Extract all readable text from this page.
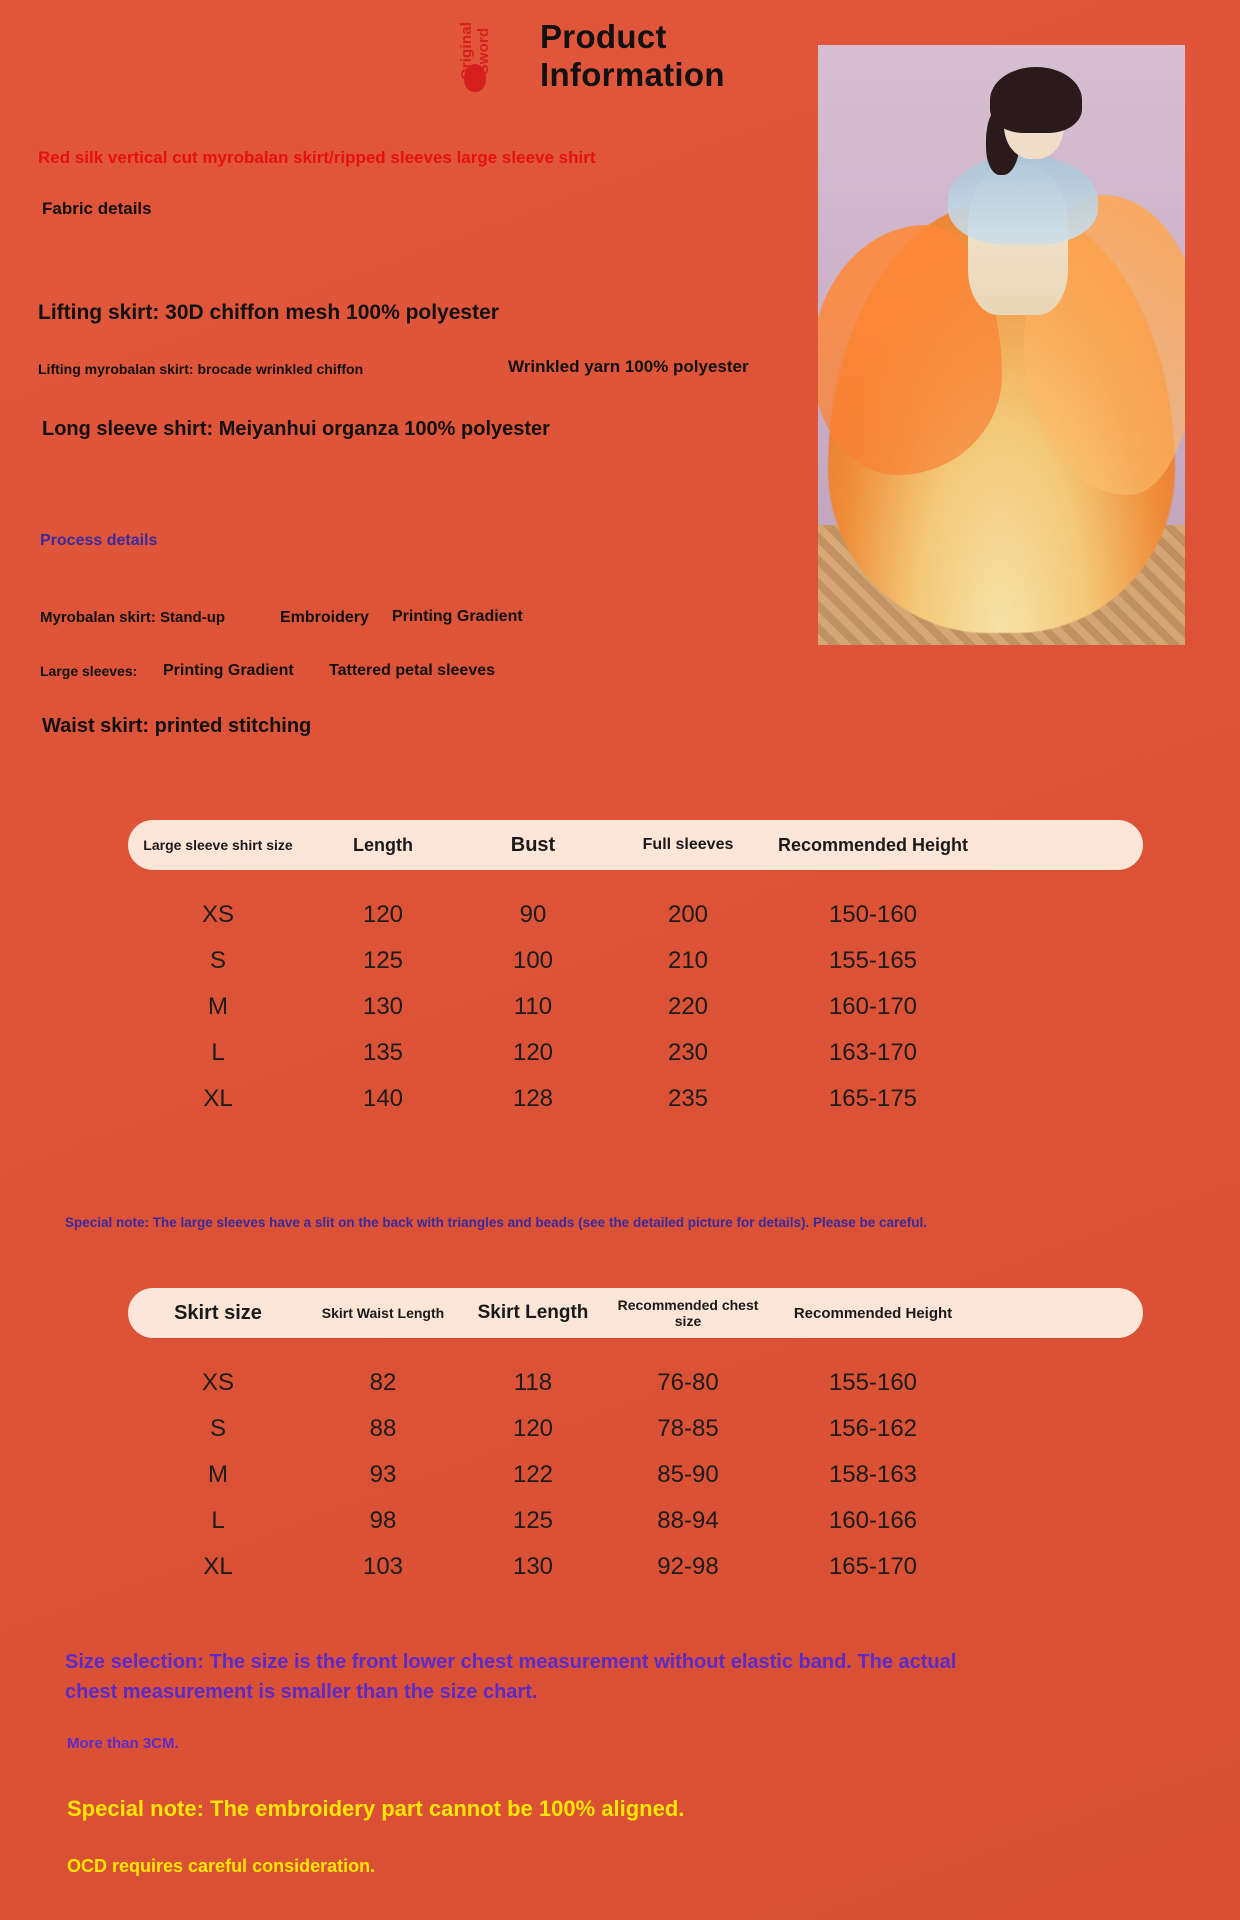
Original
Sword Product
Information
Red silk vertical cut myrobalan skirt/ripped sleeves large sleeve shirt
Fabric details
Lifting skirt: 30D chiffon mesh 100% polyester
Lifting myrobalan skirt: brocade wrinkled chiffon	Wrinkled yarn 100% polyester
Long sleeve shirt: Meiyanhui organza 100% polyester
Process details
Myrobalan skirt: Stand-up	Embroidery Printing Gradient
Large sleeves: Printing Gradient Tattered petal sleeves
Waist skirt: printed stitching
Large sleeve shirt size	Length	Bust	Full sleeves	Recommended Height
XS	120	90	200	150-160
S	125	100	210	155-165
M	130	110	220	160-170
L	135	120	230	163-170
XL	140	128	235	165-175
Special note: The large sleeves have a slit on the back with triangles and beads (see the detailed picture for details). Please be careful.
Skirt size	Skirt Waist Length	Skirt Length	Recommended chest size	Recommended Height
XS	82	118	76-80	155-160
S	88	120	78-85	156-162
M	93	122	85-90	158-163
L	98	125	88-94	160-166
XL	103	130	92-98	165-170
Size selection: The size is the front lower chest measurement without elastic band. The actual
chest measurement is smaller than the size chart.
More than 3CM.
Special note: The embroidery part cannot be 100% aligned.
OCD requires careful consideration.
